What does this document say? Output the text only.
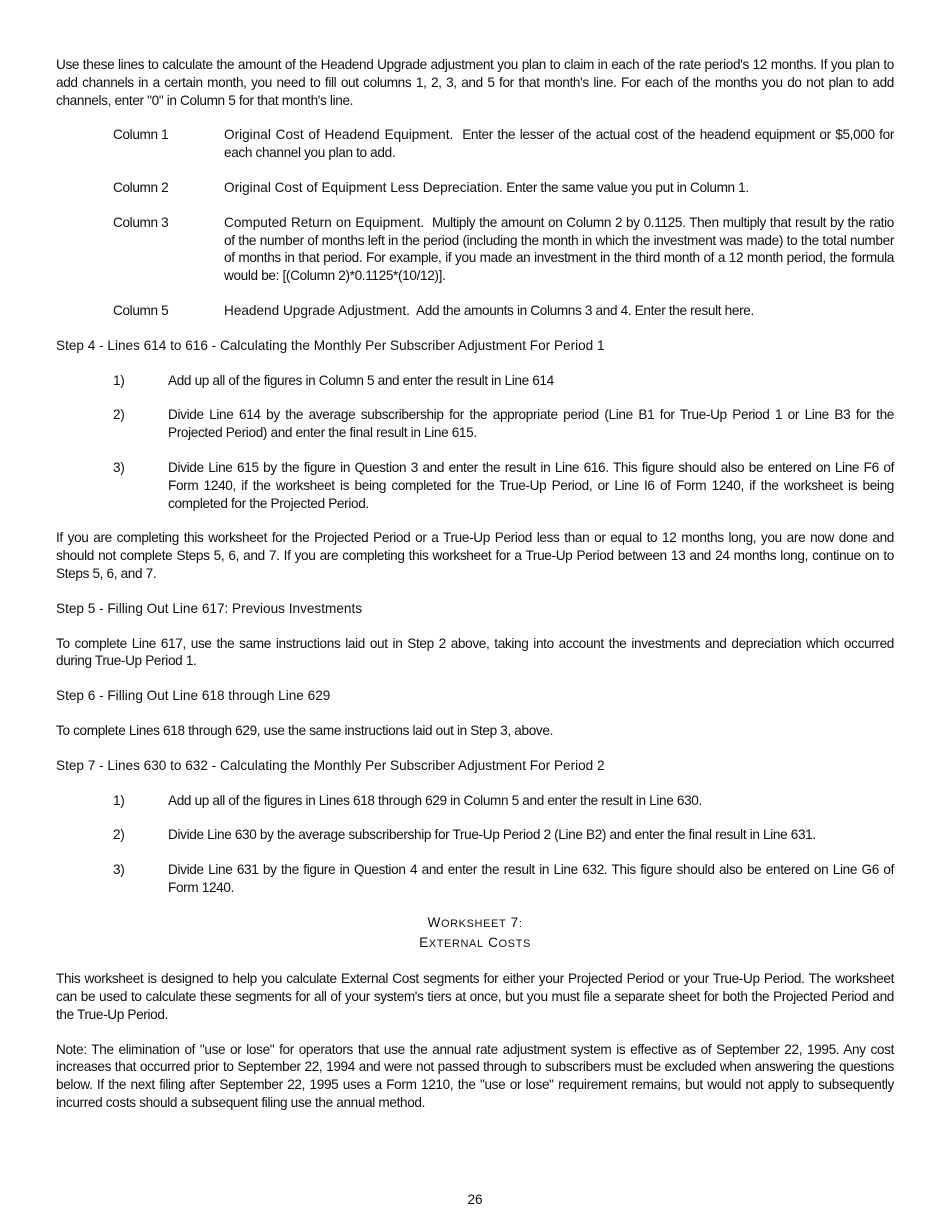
Use these lines to calculate the amount of the Headend Upgrade adjustment you plan to claim in each of the rate period's 12 months. If you plan to add channels in a certain month, you need to fill out columns 1, 2, 3, and 5 for that month's line. For each of the months you do not plan to add channels, enter "0" in Column 5 for that month's line.

Column 1	Original Cost of Headend Equipment. Enter the lesser of the actual cost of the headend equipment or $5,000 for each channel you plan to add.
Column 2	Original Cost of Equipment Less Depreciation. Enter the same value you put in Column 1.
Column 3	Computed Return on Equipment. Multiply the amount on Column 2 by 0.1125. Then multiply that result by the ratio of the number of months left in the period (including the month in which the investment was made) to the total number of months in that period. For example, if you made an investment in the third month of a 12 month period, the formula would be: [(Column 2)*0.1125*(10/12)].
Column 5	Headend Upgrade Adjustment. Add the amounts in Columns 3 and 4. Enter the result here.

Step 4 - Lines 614 to 616 - Calculating the Monthly Per Subscriber Adjustment For Period 1

1)	Add up all of the figures in Column 5 and enter the result in Line 614
2)	Divide Line 614 by the average subscribership for the appropriate period (Line B1 for True-Up Period 1 or Line B3 for the Projected Period) and enter the final result in Line 615.
3)	Divide Line 615 by the figure in Question 3 and enter the result in Line 616. This figure should also be entered on Line F6 of Form 1240, if the worksheet is being completed for the True-Up Period, or Line I6 of Form 1240, if the worksheet is being completed for the Projected Period.

If you are completing this worksheet for the Projected Period or a True-Up Period less than or equal to 12 months long, you are now done and should not complete Steps 5, 6, and 7. If you are completing this worksheet for a True-Up Period between 13 and 24 months long, continue on to Steps 5, 6, and 7.

Step 5 - Filling Out Line 617: Previous Investments

To complete Line 617, use the same instructions laid out in Step 2 above, taking into account the investments and depreciation which occurred during True-Up Period 1.

Step 6 - Filling Out Line 618 through Line 629

To complete Lines 618 through 629, use the same instructions laid out in Step 3, above.

Step 7 - Lines 630 to 632 - Calculating the Monthly Per Subscriber Adjustment For Period 2

1)	Add up all of the figures in Lines 618 through 629 in Column 5 and enter the result in Line 630.
2)	Divide Line 630 by the average subscribership for True-Up Period 2 (Line B2) and enter the final result in Line 631.
3)	Divide Line 631 by the figure in Question 4 and enter the result in Line 632. This figure should also be entered on Line G6 of Form 1240.
WORKSHEET 7:
EXTERNAL COSTS

This worksheet is designed to help you calculate External Cost segments for either your Projected Period or your True-Up Period. The worksheet can be used to calculate these segments for all of your system's tiers at once, but you must file a separate sheet for both the Projected Period and the True-Up Period.

Note: The elimination of "use or lose" for operators that use the annual rate adjustment system is effective as of September 22, 1995. Any cost increases that occurred prior to September 22, 1994 and were not passed through to subscribers must be excluded when answering the questions below. If the next filing after September 22, 1995 uses a Form 1210, the "use or lose" requirement remains, but would not apply to subsequently incurred costs should a subsequent filing use the annual method.

26
